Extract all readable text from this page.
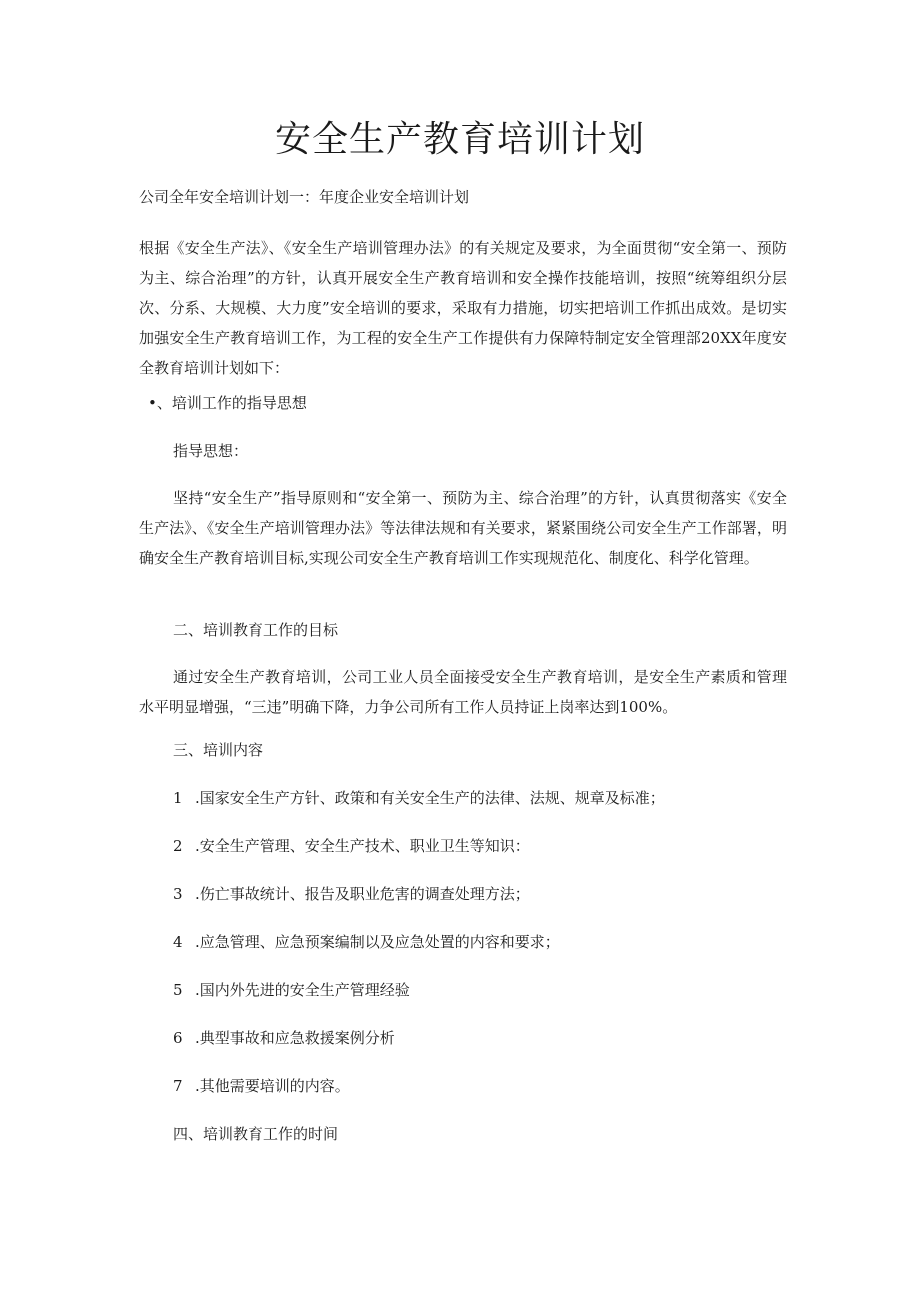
安全生产教育培训计划

公司全年安全培训计划一：年度企业安全培训计划

根据《安全生产法》、《安全生产培训管理办法》的有关规定及要求，为全面贯彻“安全第一、预防为主、综合治理”的方针，认真开展安全生产教育培训和安全操作技能培训，按照“统筹组织分层次、分系、大规模、大力度”安全培训的要求，采取有力措施，切实把培训工作抓出成效。是切实加强安全生产教育培训工作，为工程的安全生产工作提供有力保障特制定安全管理部20XX年度安全教育培训计划如下：

•、培训工作的指导思想

指导思想：

坚持“安全生产”指导原则和“安全第一、预防为主、综合治理”的方针，认真贯彻落实《安全生产法》、《安全生产培训管理办法》等法律法规和有关要求，紧紧围绕公司安全生产工作部署，明确安全生产教育培训目标,实现公司安全生产教育培训工作实现规范化、制度化、科学化管理。

二、培训教育工作的目标

通过安全生产教育培训，公司工业人员全面接受安全生产教育培训，是安全生产素质和管理水平明显增强，“三违”明确下降，力争公司所有工作人员持证上岗率达到100%。

三、培训内容

1 .国家安全生产方针、政策和有关安全生产的法律、法规、规章及标准；

2 .安全生产管理、安全生产技术、职业卫生等知识：

3 .伤亡事故统计、报告及职业危害的调查处理方法；

4 .应急管理、应急预案编制以及应急处置的内容和要求；

5 .国内外先进的安全生产管理经验

6 .典型事故和应急救援案例分析

7 .其他需要培训的内容。

四、培训教育工作的时间
